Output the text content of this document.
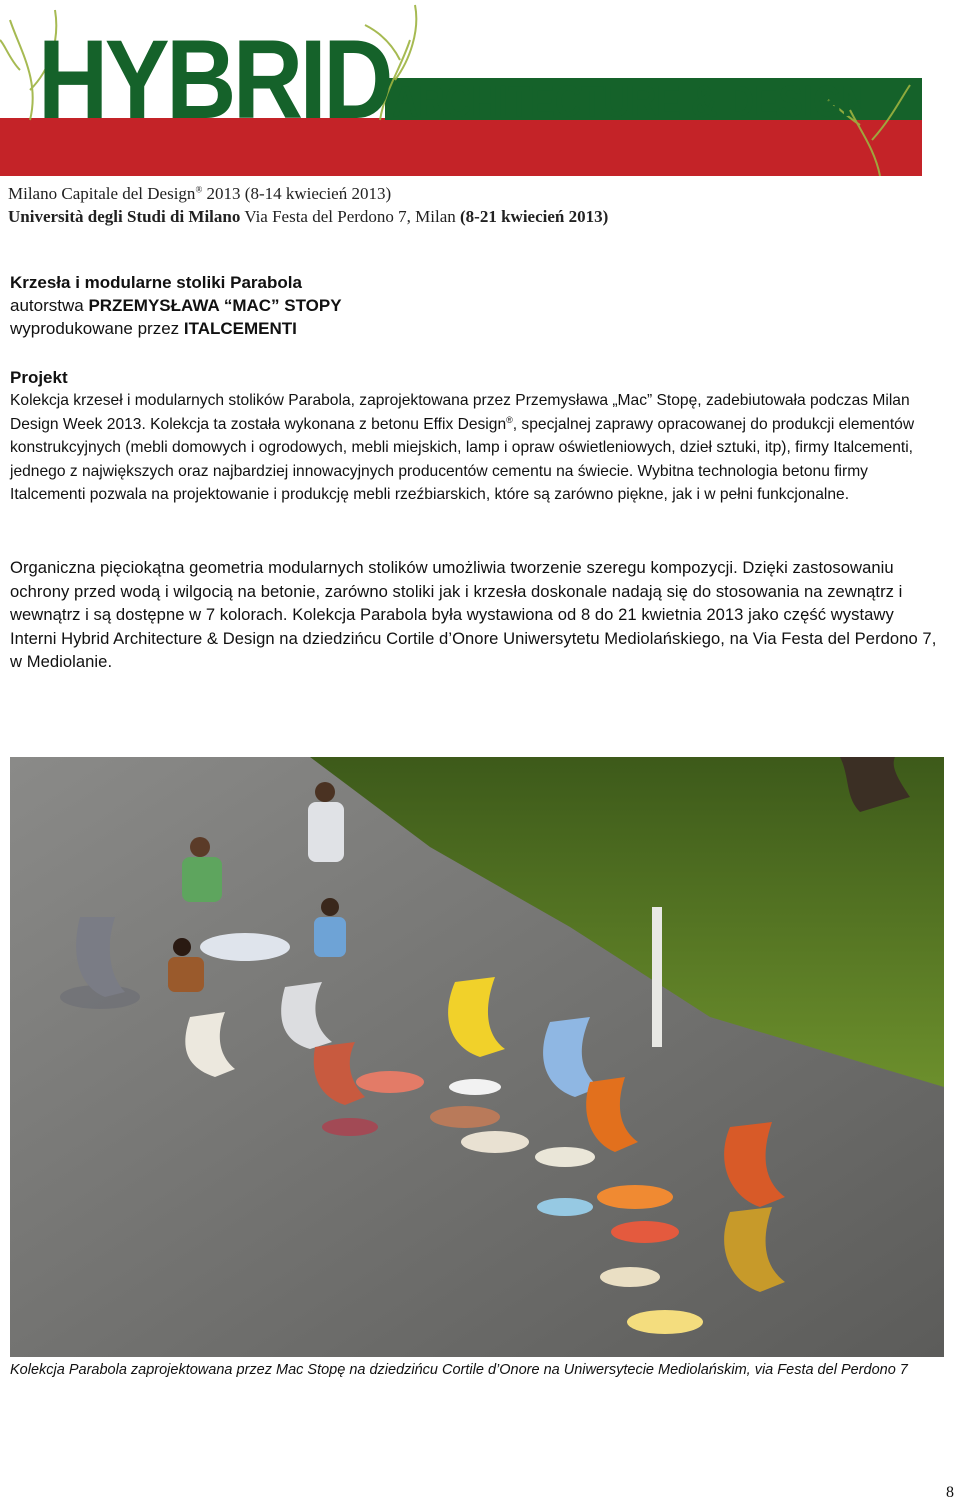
HYBRID ARCHITECTURE & DESIGN
Milano Capitale del Design® 2013 (8-14 kwiecień 2013)
Università degli Studi di Milano Via Festa del Perdono 7, Milan (8-21 kwiecień 2013)
Krzesła i modularne stoliki Parabola
autorstwa PRZEMYSŁAWA “MAC” STOPY
wyprodukowane przez ITALCEMENTI
Projekt
Kolekcja krzeseł i modularnych stolików Parabola, zaprojektowana przez Przemysława „Mac” Stopę, zadebiutowała podczas Milan Design Week 2013. Kolekcja ta została wykonana z betonu Effix Design®, specjalnej zaprawy opracowanej do produkcji elementów konstrukcyjnych (mebli domowych i ogrodowych, mebli miejskich, lamp i opraw oświetleniowych, dzieł sztuki, itp), firmy Italcementi, jednego z największych oraz najbardziej innowacyjnych producentów cementu na świecie. Wybitna technologia betonu firmy Italcementi pozwala na projektowanie i produkcję mebli rzeźbiarskich, które są zarówno piękne, jak i w pełni funkcjonalne.
Organiczna pięciokątna geometria modularnych stolików umożliwia tworzenie szeregu kompozycji. Dzięki zastosowaniu ochrony przed wodą i wilgocią na betonie, zarówno stoliki jak i krzesła doskonale nadają się do stosowania na zewnątrz i wewnątrz i są dostępne w 7 kolorach. Kolekcja Parabola była wystawiona od 8 do 21 kwietnia 2013 jako część wystawy Interni Hybrid Architecture & Design na dziedzińcu Cortile d’Onore Uniwersytetu Mediolańskiego, na Via Festa del Perdono 7, w Mediolanie.
Kolekcja Parabola zaprojektowana przez Mac Stopę na dziedzińcu Cortile d’Onore na Uniwersytecie Mediolańskim, via Festa del Perdono 7
8
